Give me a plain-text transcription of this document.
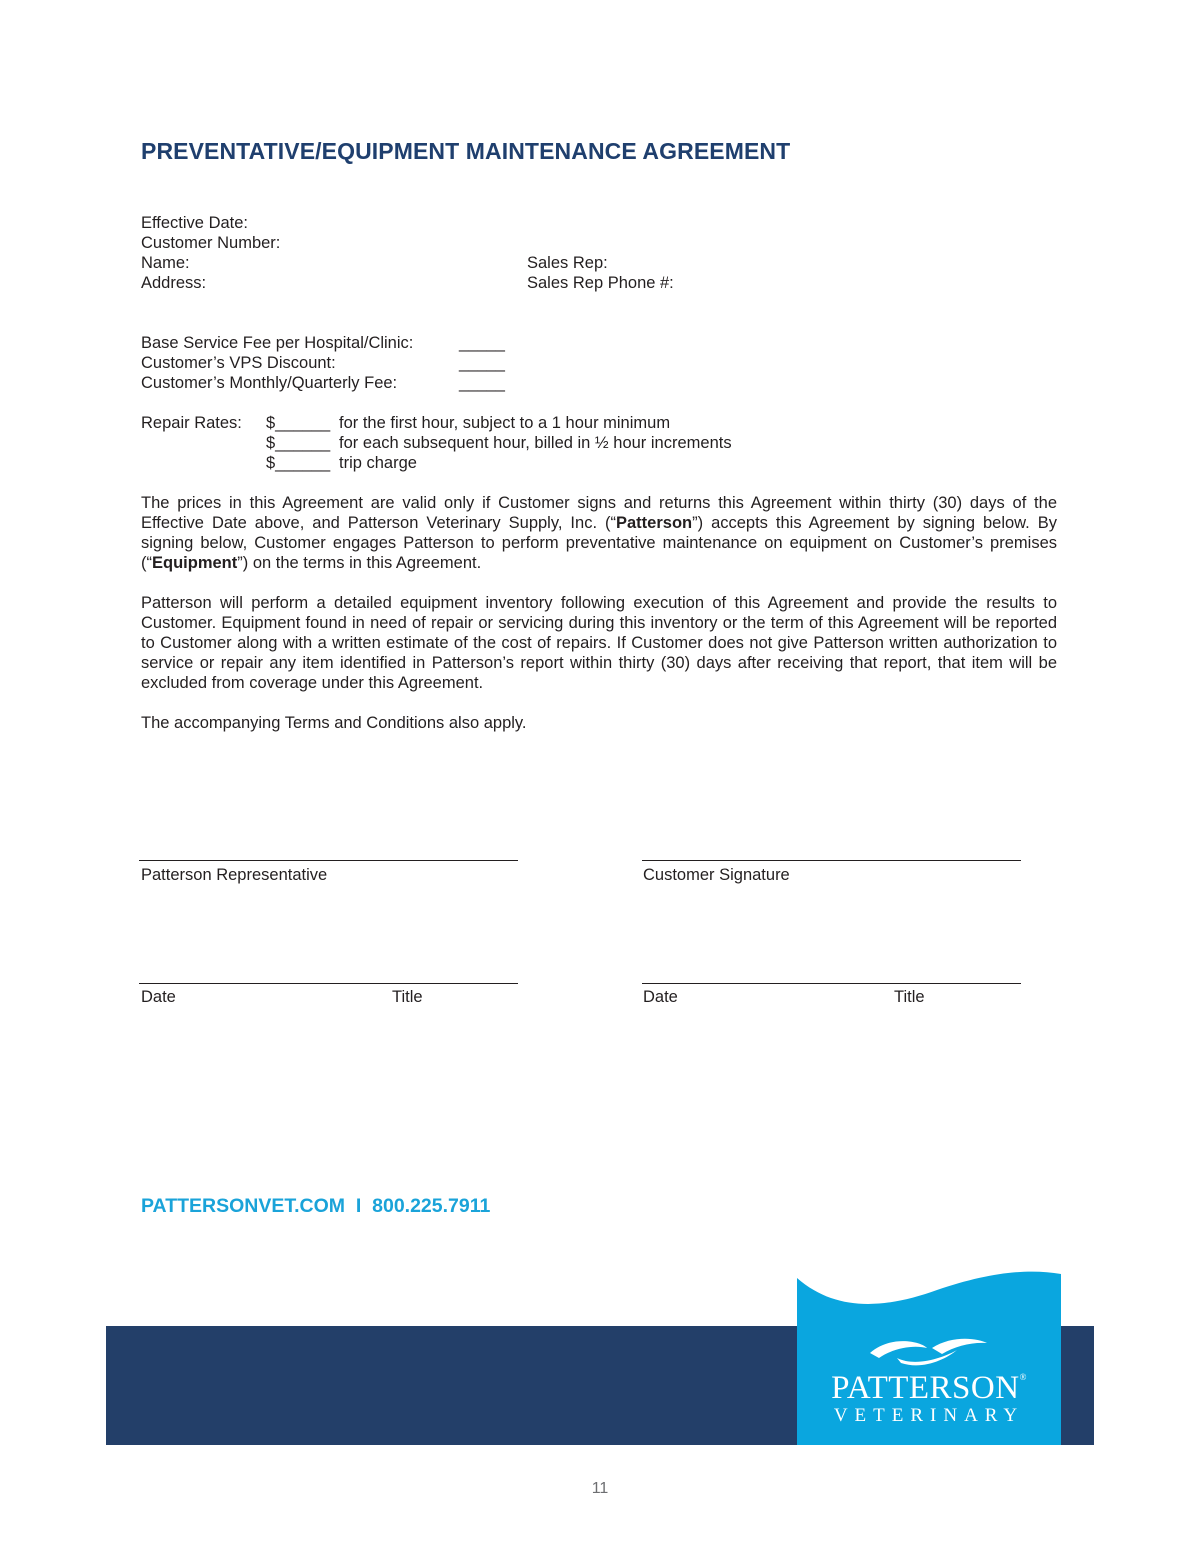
PREVENTATIVE/EQUIPMENT MAINTENANCE AGREEMENT
Effective Date:
Customer Number:
Name:
Address:
Sales Rep:
Sales Rep Phone #:
Base Service Fee per Hospital/Clinic:	_____
Customer’s VPS Discount:	_____
Customer’s Monthly/Quarterly Fee:	_____
Repair Rates: $______ for the first hour, subject to a 1 hour minimum
$______ for each subsequent hour, billed in ½ hour increments
$______ trip charge
The prices in this Agreement are valid only if Customer signs and returns this Agreement within thirty (30) days of the Effective Date above, and Patterson Veterinary Supply, Inc. (“Patterson”) accepts this Agreement by signing below. By signing below, Customer engages Patterson to perform preventative maintenance on equipment on Customer’s premises (“Equipment”) on the terms in this Agreement.
Patterson will perform a detailed equipment inventory following execution of this Agreement and provide the results to Customer. Equipment found in need of repair or servicing during this inventory or the term of this Agreement will be reported to Customer along with a written estimate of the cost of repairs. If Customer does not give Patterson written authorization to service or repair any item identified in Patterson’s report within thirty (30) days after receiving that report, that item will be excluded from coverage under this Agreement.
The accompanying Terms and Conditions also apply.
Patterson Representative	Customer Signature
Date	Title	Date	Title
PATTERSONVET.COM  I  800.225.7911
PATTERSON®
VETERINARY
11
